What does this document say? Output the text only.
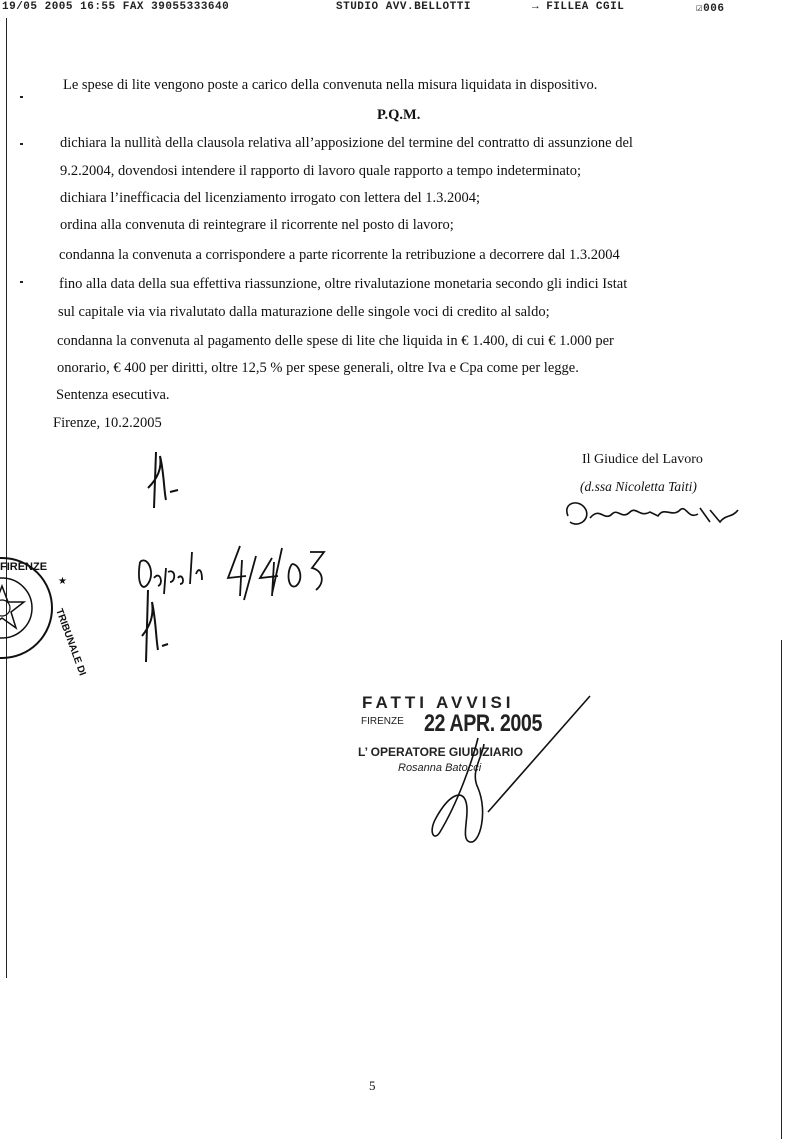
19/05 2005 16:55 FAX 39055333640	STUDIO AVV.BELLOTTI	→ FILLEA CGIL	☑006
Le spese di lite vengono poste a carico della convenuta nella misura liquidata in dispositivo.
P.Q.M.
dichiara la nullità della clausola relativa all’apposizione del termine del contratto di assunzione del
9.2.2004, dovendosi intendere il rapporto di lavoro quale rapporto a tempo indeterminato;
dichiara l’inefficacia del licenziamento irrogato con lettera del 1.3.2004;
ordina alla convenuta di reintegrare il ricorrente nel posto di lavoro;
condanna la convenuta a corrispondere a parte ricorrente la retribuzione a decorrere dal 1.3.2004
fino alla data della sua effettiva riassunzione, oltre rivalutazione monetaria secondo gli indici Istat
sul capitale via via rivalutato dalla maturazione delle singole voci di credito al saldo;
condanna la convenuta al pagamento delle spese di lite che liquida in € 1.400, di cui € 1.000 per
onorario, € 400 per diritti, oltre 12,5 % per spese generali, oltre Iva e Cpa come per legge.
Sentenza esecutiva.
Firenze, 10.2.2005
Il Giudice del Lavoro
(d.ssa Nicoletta Taiti)
FIRENZE
TRIBUNALE DI
★
FATTI AVVISI
FIRENZE 22 APR. 2005
L’ OPERATORE GIUDIZIARIO
Rosanna Batocci
5
